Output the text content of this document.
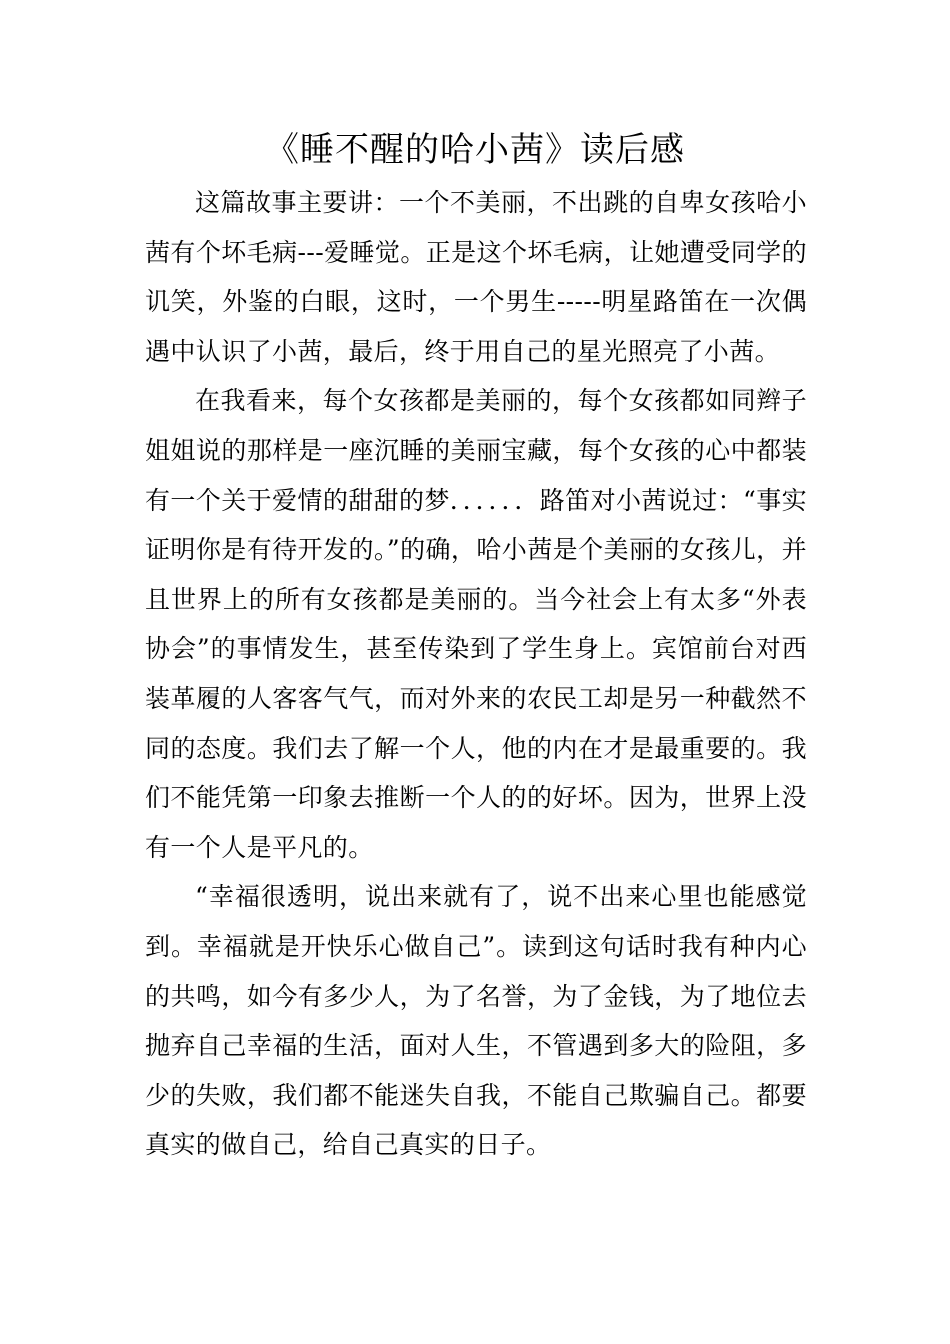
《睡不醒的哈小茜》读后感

这篇故事主要讲：一个不美丽，不出跳的自卑女孩哈小茜有个坏毛病---爱睡觉。正是这个坏毛病，让她遭受同学的讥笑，外鉴的白眼，这时，一个男生-----明星路笛在一次偶遇中认识了小茜，最后，终于用自己的星光照亮了小茜。

在我看来，每个女孩都是美丽的，每个女孩都如同辫子姐姐说的那样是一座沉睡的美丽宝藏，每个女孩的心中都装有一个关于爱情的甜甜的梦．．．．．．路笛对小茜说过：“事实证明你是有待开发的。”的确，哈小茜是个美丽的女孩儿，并且世界上的所有女孩都是美丽的。当今社会上有太多“外表协会”的事情发生，甚至传染到了学生身上。宾馆前台对西装革履的人客客气气，而对外来的农民工却是另一种截然不同的态度。我们去了解一个人，他的内在才是最重要的。我们不能凭第一印象去推断一个人的的好坏。因为，世界上没有一个人是平凡的。

“幸福很透明，说出来就有了，说不出来心里也能感觉到。幸福就是开快乐心做自己”。读到这句话时我有种内心的共鸣，如今有多少人，为了名誉，为了金钱，为了地位去抛弃自己幸福的生活，面对人生，不管遇到多大的险阻，多少的失败，我们都不能迷失自我，不能自己欺骗自己。都要真实的做自己，给自己真实的日子。
